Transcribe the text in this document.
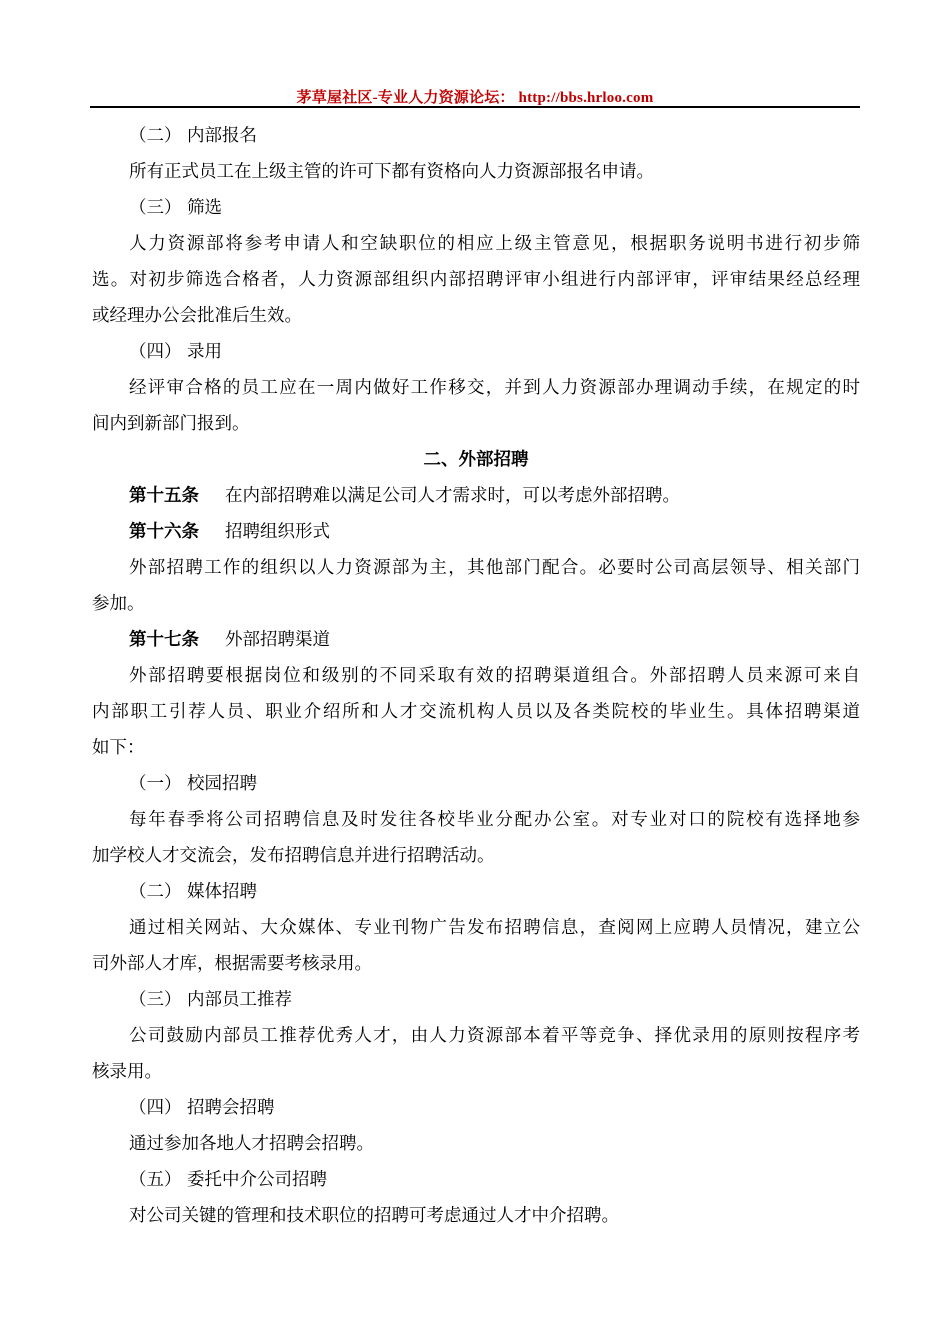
茅草屋社区-专业人力资源论坛： http://bbs.hrloo.com
（二） 内部报名
所有正式员工在上级主管的许可下都有资格向人力资源部报名申请。
（三） 筛选
人力资源部将参考申请人和空缺职位的相应上级主管意见，根据职务说明书进行初步筛
选。对初步筛选合格者，人力资源部组织内部招聘评审小组进行内部评审，评审结果经总经理
或经理办公会批准后生效。
（四） 录用
经评审合格的员工应在一周内做好工作移交，并到人力资源部办理调动手续，在规定的时
间内到新部门报到。
二、外部招聘
第十五条 在内部招聘难以满足公司人才需求时，可以考虑外部招聘。
第十六条 招聘组织形式
外部招聘工作的组织以人力资源部为主，其他部门配合。必要时公司高层领导、相关部门
参加。
第十七条 外部招聘渠道
外部招聘要根据岗位和级别的不同采取有效的招聘渠道组合。外部招聘人员来源可来自
内部职工引荐人员、职业介绍所和人才交流机构人员以及各类院校的毕业生。具体招聘渠道
如下：
（一） 校园招聘
每年春季将公司招聘信息及时发往各校毕业分配办公室。对专业对口的院校有选择地参
加学校人才交流会，发布招聘信息并进行招聘活动。
（二） 媒体招聘
通过相关网站、大众媒体、专业刊物广告发布招聘信息，查阅网上应聘人员情况，建立公
司外部人才库，根据需要考核录用。
（三） 内部员工推荐
公司鼓励内部员工推荐优秀人才，由人力资源部本着平等竞争、择优录用的原则按程序考
核录用。
（四） 招聘会招聘
通过参加各地人才招聘会招聘。
（五） 委托中介公司招聘
对公司关键的管理和技术职位的招聘可考虑通过人才中介招聘。
